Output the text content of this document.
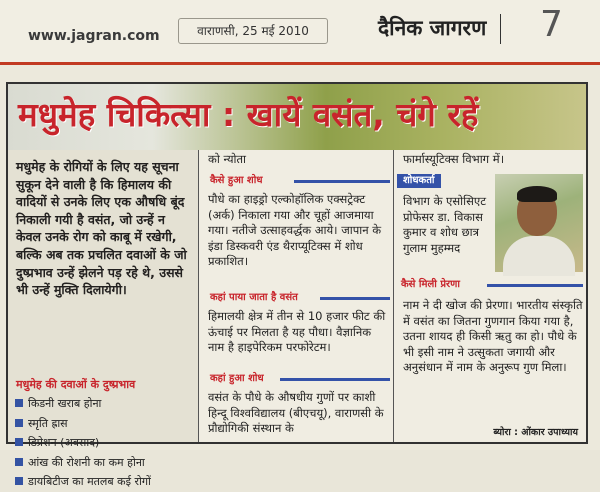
www.jagran.com	वाराणसी, 25 मई 2010	दैनिक जागरण 7
मधुमेह चिकित्सा : खायें वसंत, चंगे रहें
मधुमेह के रोगियों के लिए यह सूचना सुकून देने वाली है कि हिमालय की वादियों से उनके लिए एक औषधि बूंद निकाली गयी है वसंत, जो उन्हें न केवल उनके रोग को काबू में रखेगी, बल्कि अब तक प्रचलित दवाओं के जो दुष्प्रभाव उन्हें झेलने पड़ रहे थे, उससे भी उन्हें मुक्ति दिलायेगी।
मधुमेह की दवाओं के दुष्प्रभाव
किडनी खराब होना
स्मृति ह्रास
डिप्रेशन (अवसाद)
आंख की रोशनी का कम होना
डायबिटीज का मतलब कई रोगों
को न्योता
कैसे हुआ शोध
पौधे का हाइड्रो एल्कोहॉलिक एक्सट्रेक्ट (अर्क) निकाला गया और चूहों आजमाया गया। नतीजे उत्साहवर्द्धक आये। जापान के इंडा डिस्कवरी एंड थैराप्यूटिक्स में शोध प्रकाशित।
कहां पाया जाता है वसंत
हिमालयी क्षेत्र में तीन से 10 हजार फीट की ऊंचाई पर मिलता है यह पौधा। वैज्ञानिक नाम है हाइपेरिकम परफोरेटम।
कहां हुआ शोध
वसंत के पौधे के औषधीय गुणों पर काशी हिन्दू विश्वविद्यालय (बीएचयू), वाराणसी के प्रौद्योगिकी संस्थान के
फार्मास्यूटिक्स विभाग में।
शोधकर्ता
विभाग के एसोसिएट प्रोफेसर डा. विकास कुमार व शोध छात्र गुलाम मुहम्मद
कैसे मिली प्रेरणा
नाम ने दी खोज की प्रेरणा। भारतीय संस्कृति में वसंत का जितना गुणगान किया गया है, उतना शायद ही किसी ऋतु का हो। पौधे के भी इसी नाम ने उत्सुकता जगायी और अनुसंधान में नाम के अनुरूप गुण मिला।
ब्योरा : ओंकार उपाध्याय
